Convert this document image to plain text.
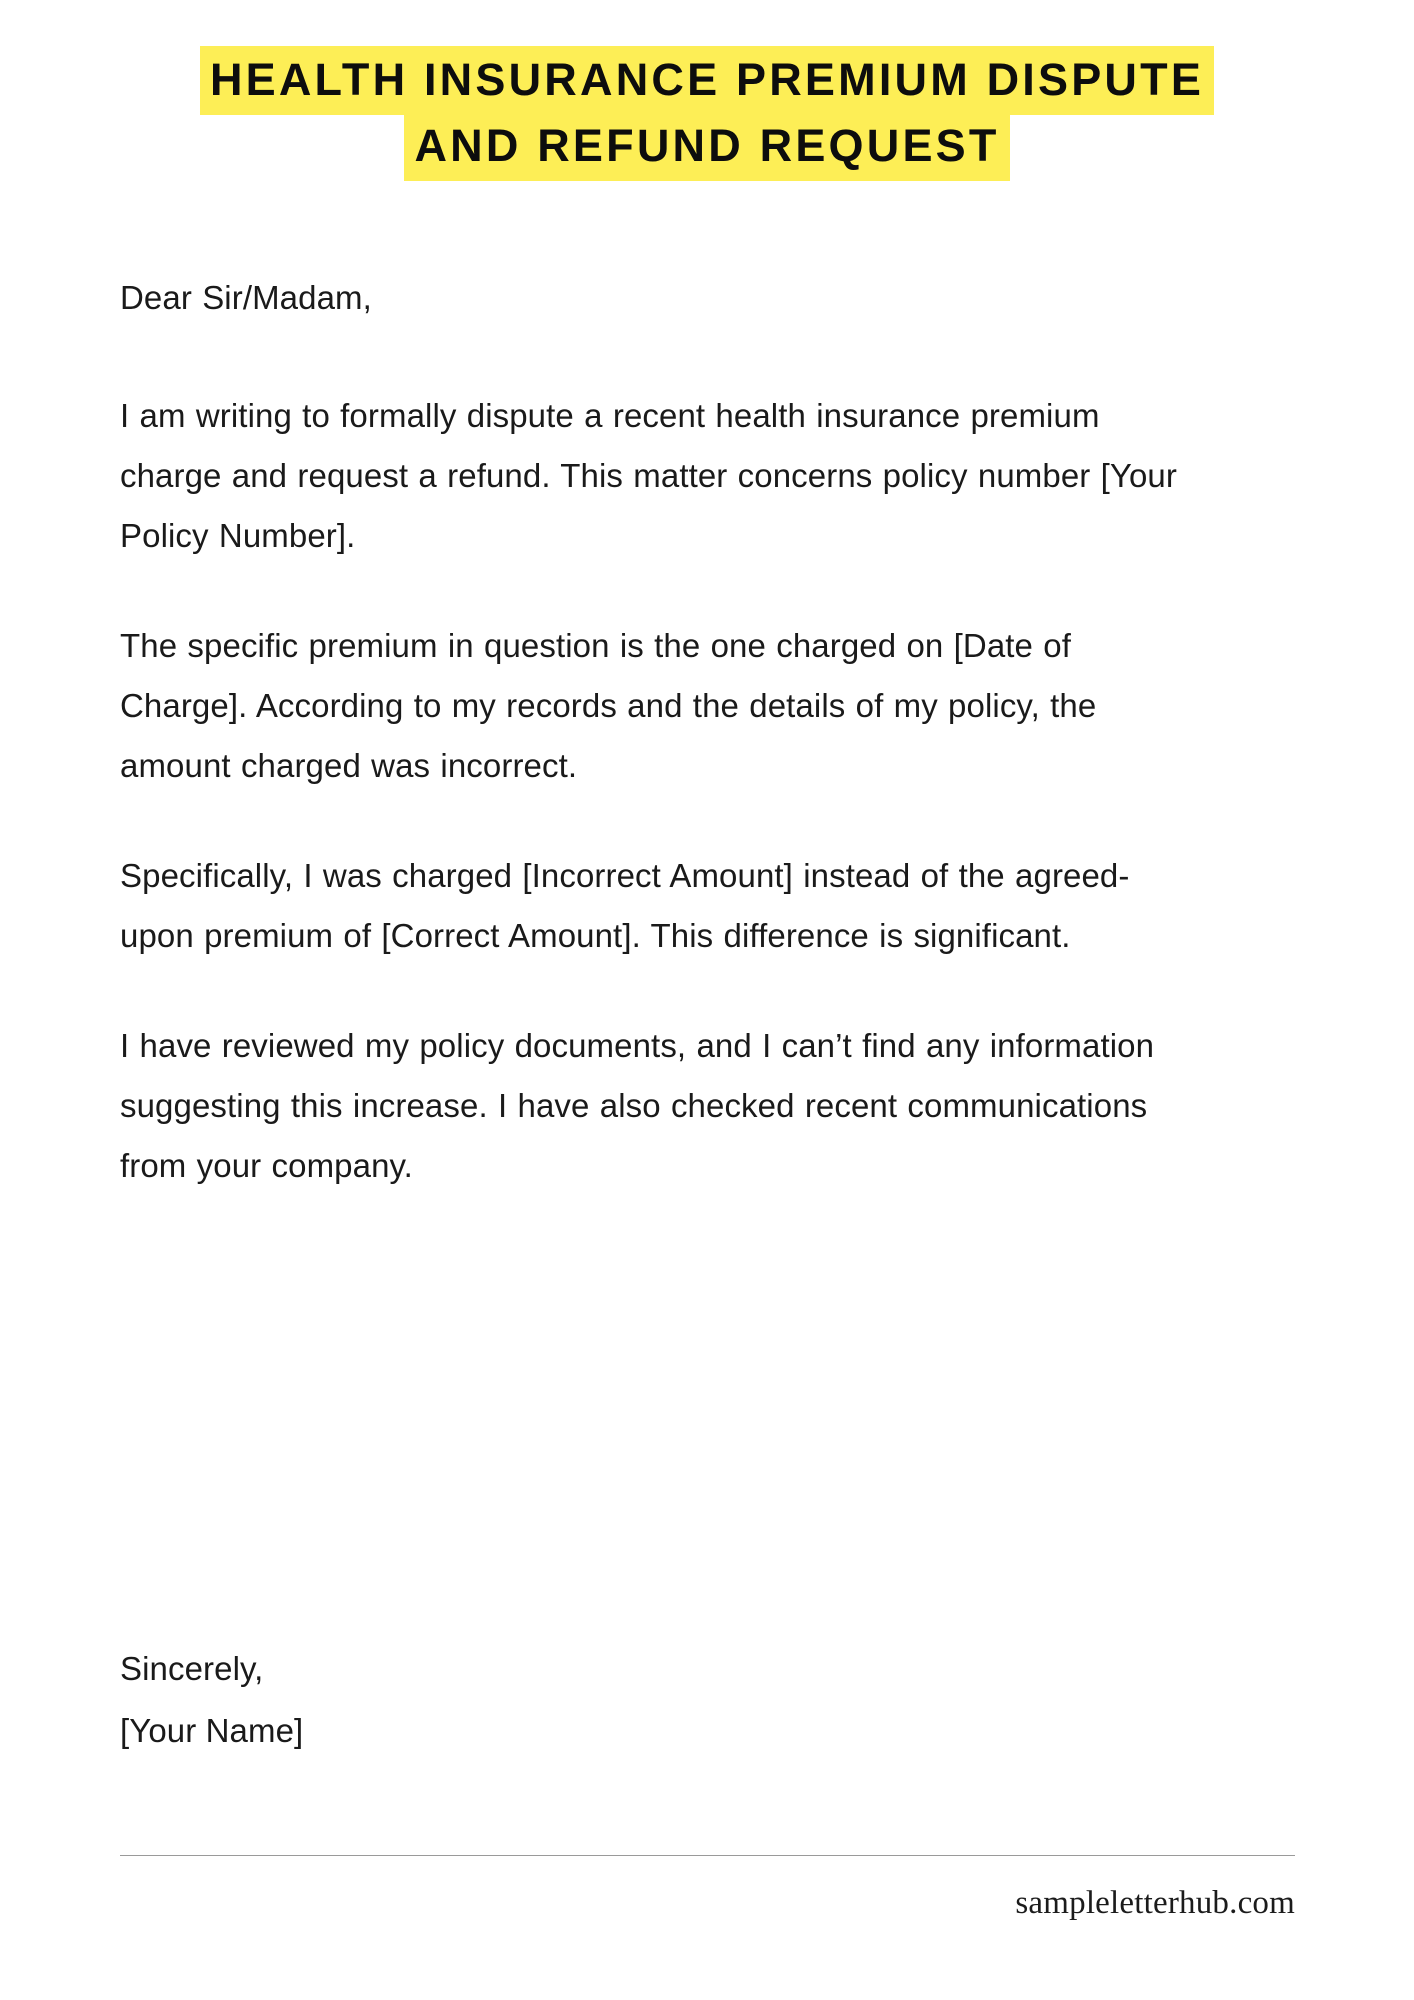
HEALTH INSURANCE PREMIUM DISPUTE
AND REFUND REQUEST

Dear Sir/Madam,

I am writing to formally dispute a recent health insurance premium charge and request a refund. This matter concerns policy number [Your Policy Number].

The specific premium in question is the one charged on [Date of Charge]. According to my records and the details of my policy, the amount charged was incorrect.

Specifically, I was charged [Incorrect Amount] instead of the agreed-upon premium of [Correct Amount]. This difference is significant.

I have reviewed my policy documents, and I can’t find any information suggesting this increase. I have also checked recent communications from your company.

Sincerely,
[Your Name]
sampleletterhub.com
